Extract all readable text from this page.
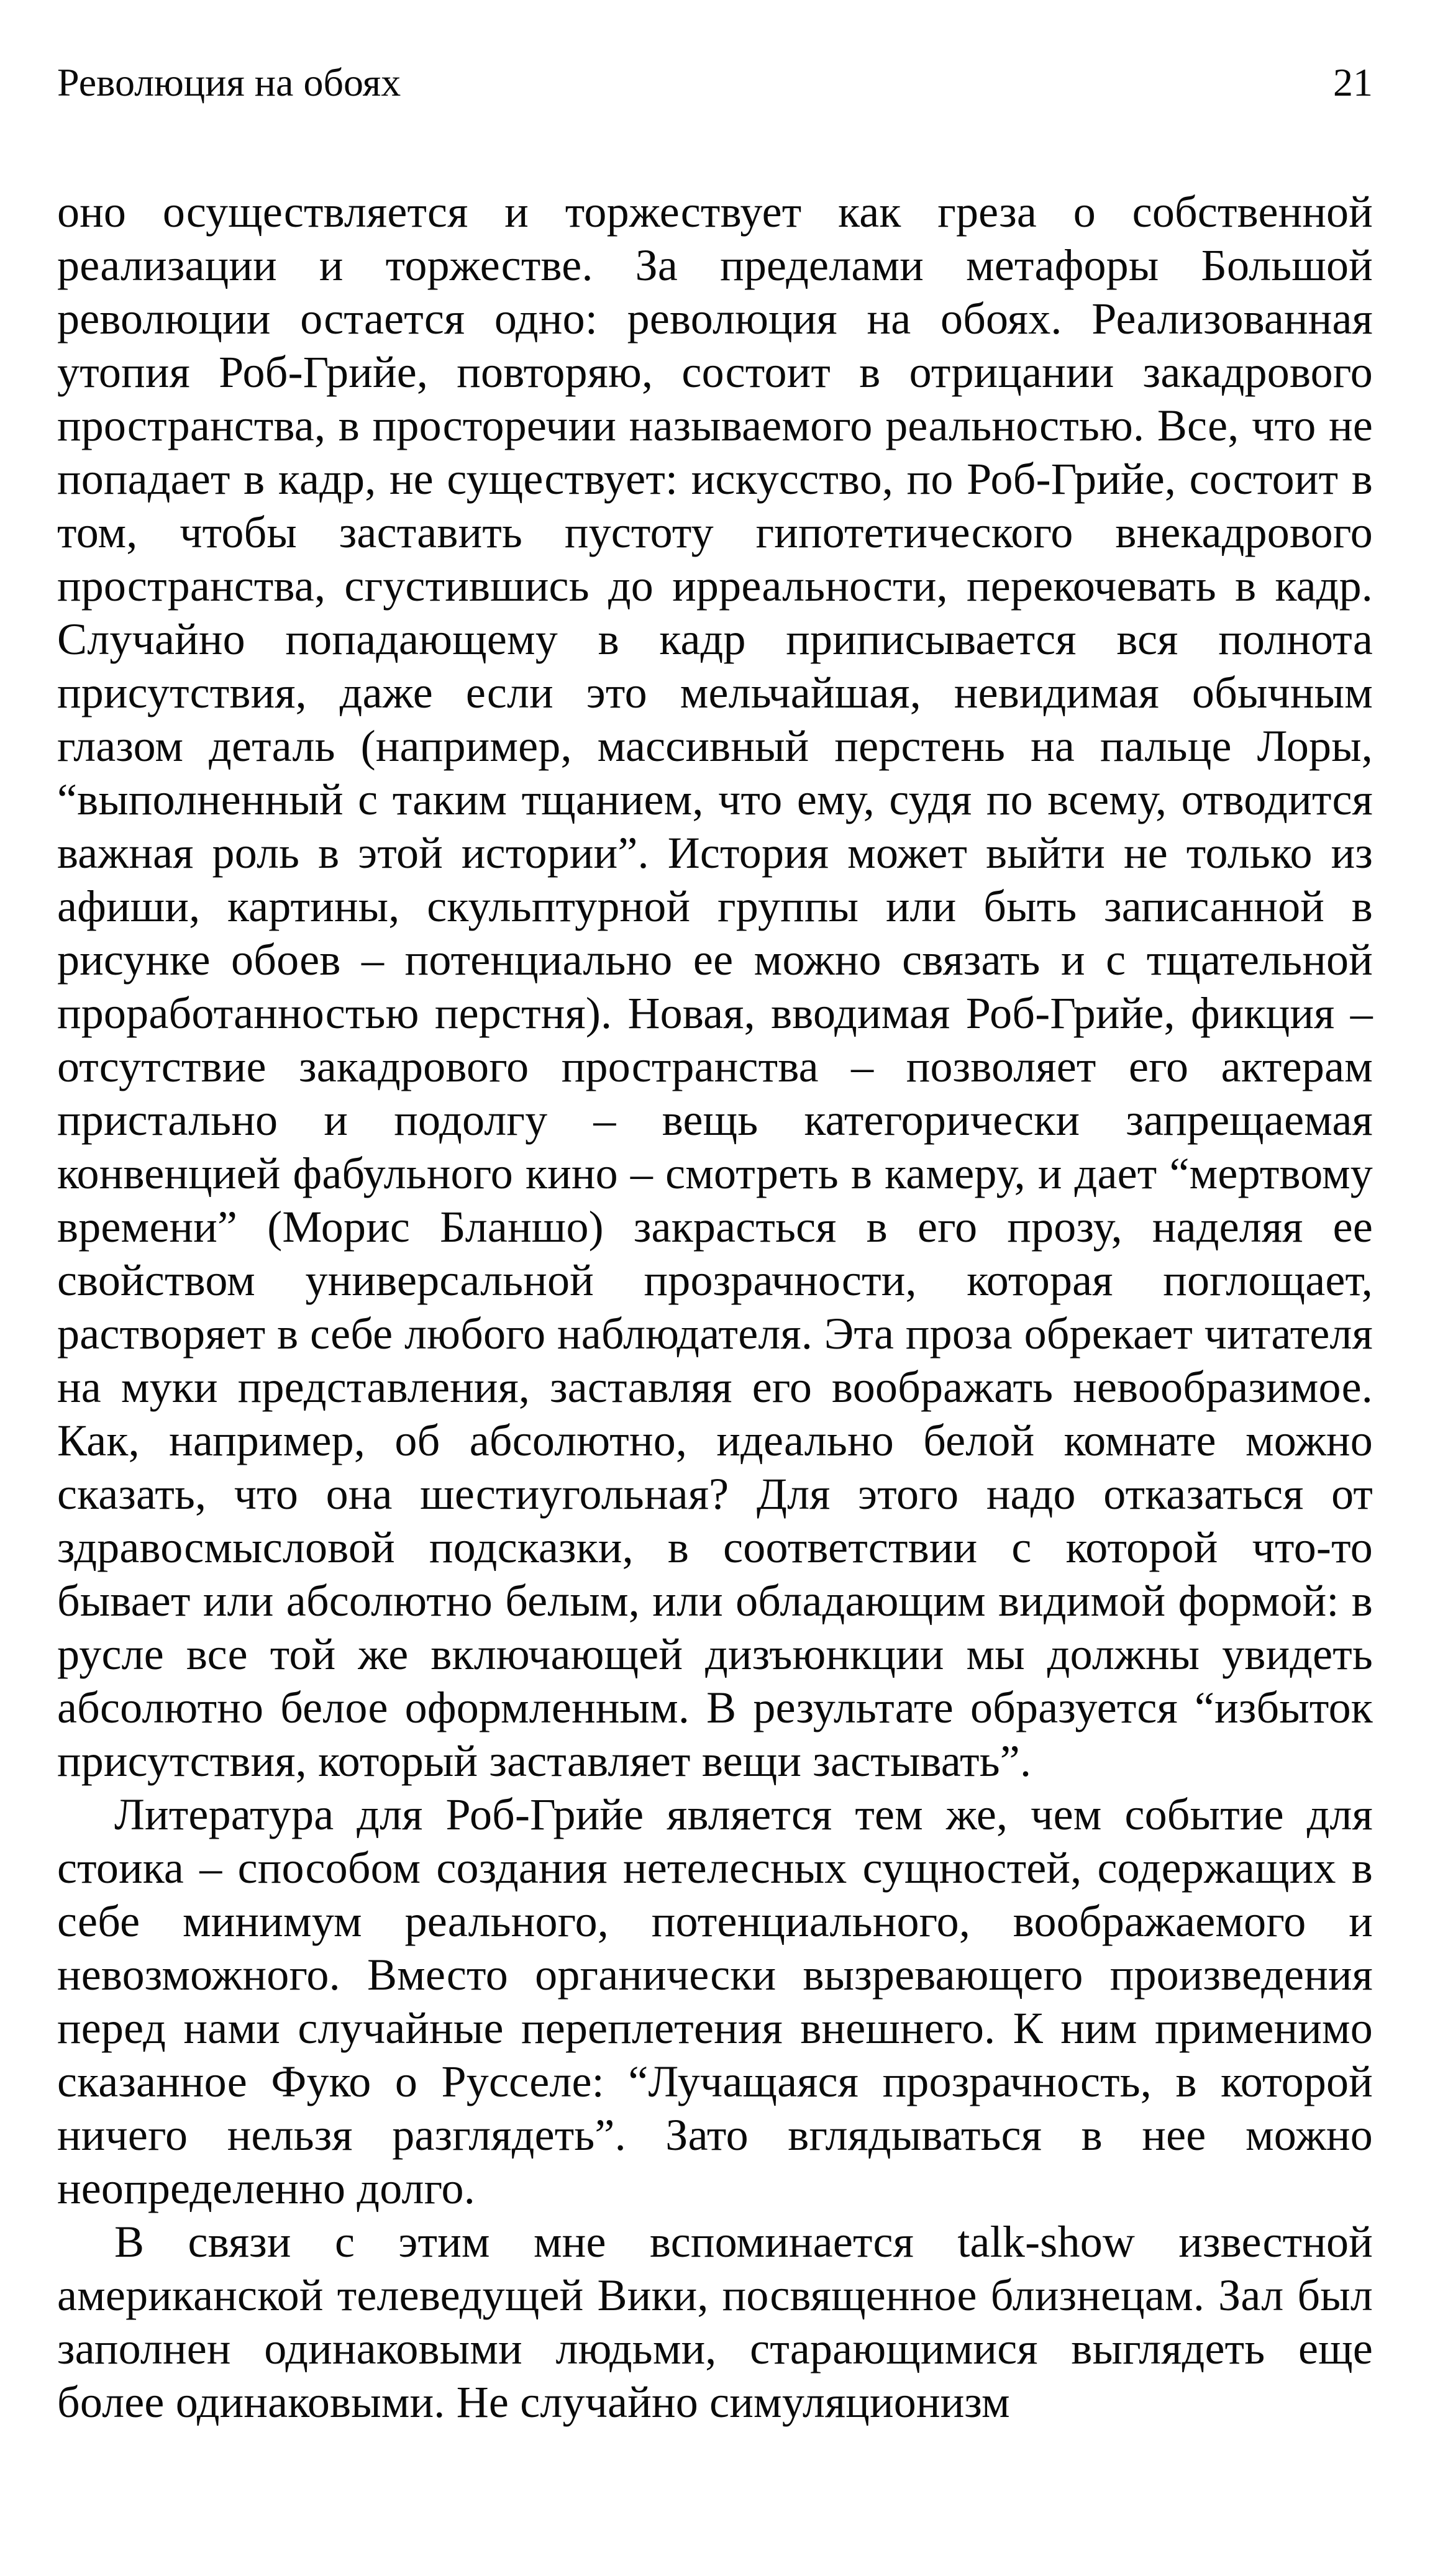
Революция на обоях	21

оно осуществляется и торжествует как греза о собственной реализации и торжестве. За пределами метафоры Большой революции остается одно: революция на обоях. Реализованная утопия Роб-Грийе, повторяю, состоит в отрицании закадрового пространства, в просторечии называемого реальностью. Все, что не попадает в кадр, не существует: искусство, по Роб-Грийе, состоит в том, чтобы заставить пустоту гипотетического внекадрового пространства, сгустившись до ирреальности, перекочевать в кадр. Случайно попадающему в кадр приписывается вся полнота присутствия, даже если это мельчайшая, невидимая обычным глазом деталь (например, массивный перстень на пальце Лоры, “выполненный с таким тщанием, что ему, судя по всему, отводится важная роль в этой истории”. История может выйти не только из афиши, картины, скульптурной группы или быть записанной в рисунке обоев – потенциально ее можно связать и с тщательной проработанностью перстня). Новая, вводимая Роб-Грийе, фикция – отсутствие закадрового пространства – позволяет его актерам пристально и подолгу – вещь категорически запрещаемая конвенцией фабульного кино – смотреть в камеру, и дает “мертвому времени” (Морис Бланшо) закрасться в его прозу, наделяя ее свойством универсальной прозрачности, которая поглощает, растворяет в себе любого наблюдателя. Эта проза обрекает читателя на муки представления, заставляя его воображать невообразимое. Как, например, об абсолютно, идеально белой комнате можно сказать, что она шестиугольная? Для этого надо отказаться от здравосмысловой подсказки, в соответствии с которой что-то бывает или абсолютно белым, или обладающим видимой формой: в русле все той же включающей дизъюнкции мы должны увидеть абсолютно белое оформленным. В результате образуется “избыток присутствия, который заставляет вещи застывать”.

Литература для Роб-Грийе является тем же, чем событие для стоика – способом создания нетелесных сущностей, содержащих в себе минимум реального, потенциального, воображаемого и невозможного. Вместо органически вызревающего произведения перед нами случайные переплетения внешнего. К ним применимо сказанное Фуко о Русселе: “Лучащаяся прозрачность, в которой ничего нельзя разглядеть”. Зато вглядываться в нее можно неопределенно долго.

В связи с этим мне вспоминается talk-show известной американской телеведущей Вики, посвященное близнецам. Зал был заполнен одинаковыми людьми, старающимися выглядеть еще более одинаковыми. Не случайно симуляционизм
